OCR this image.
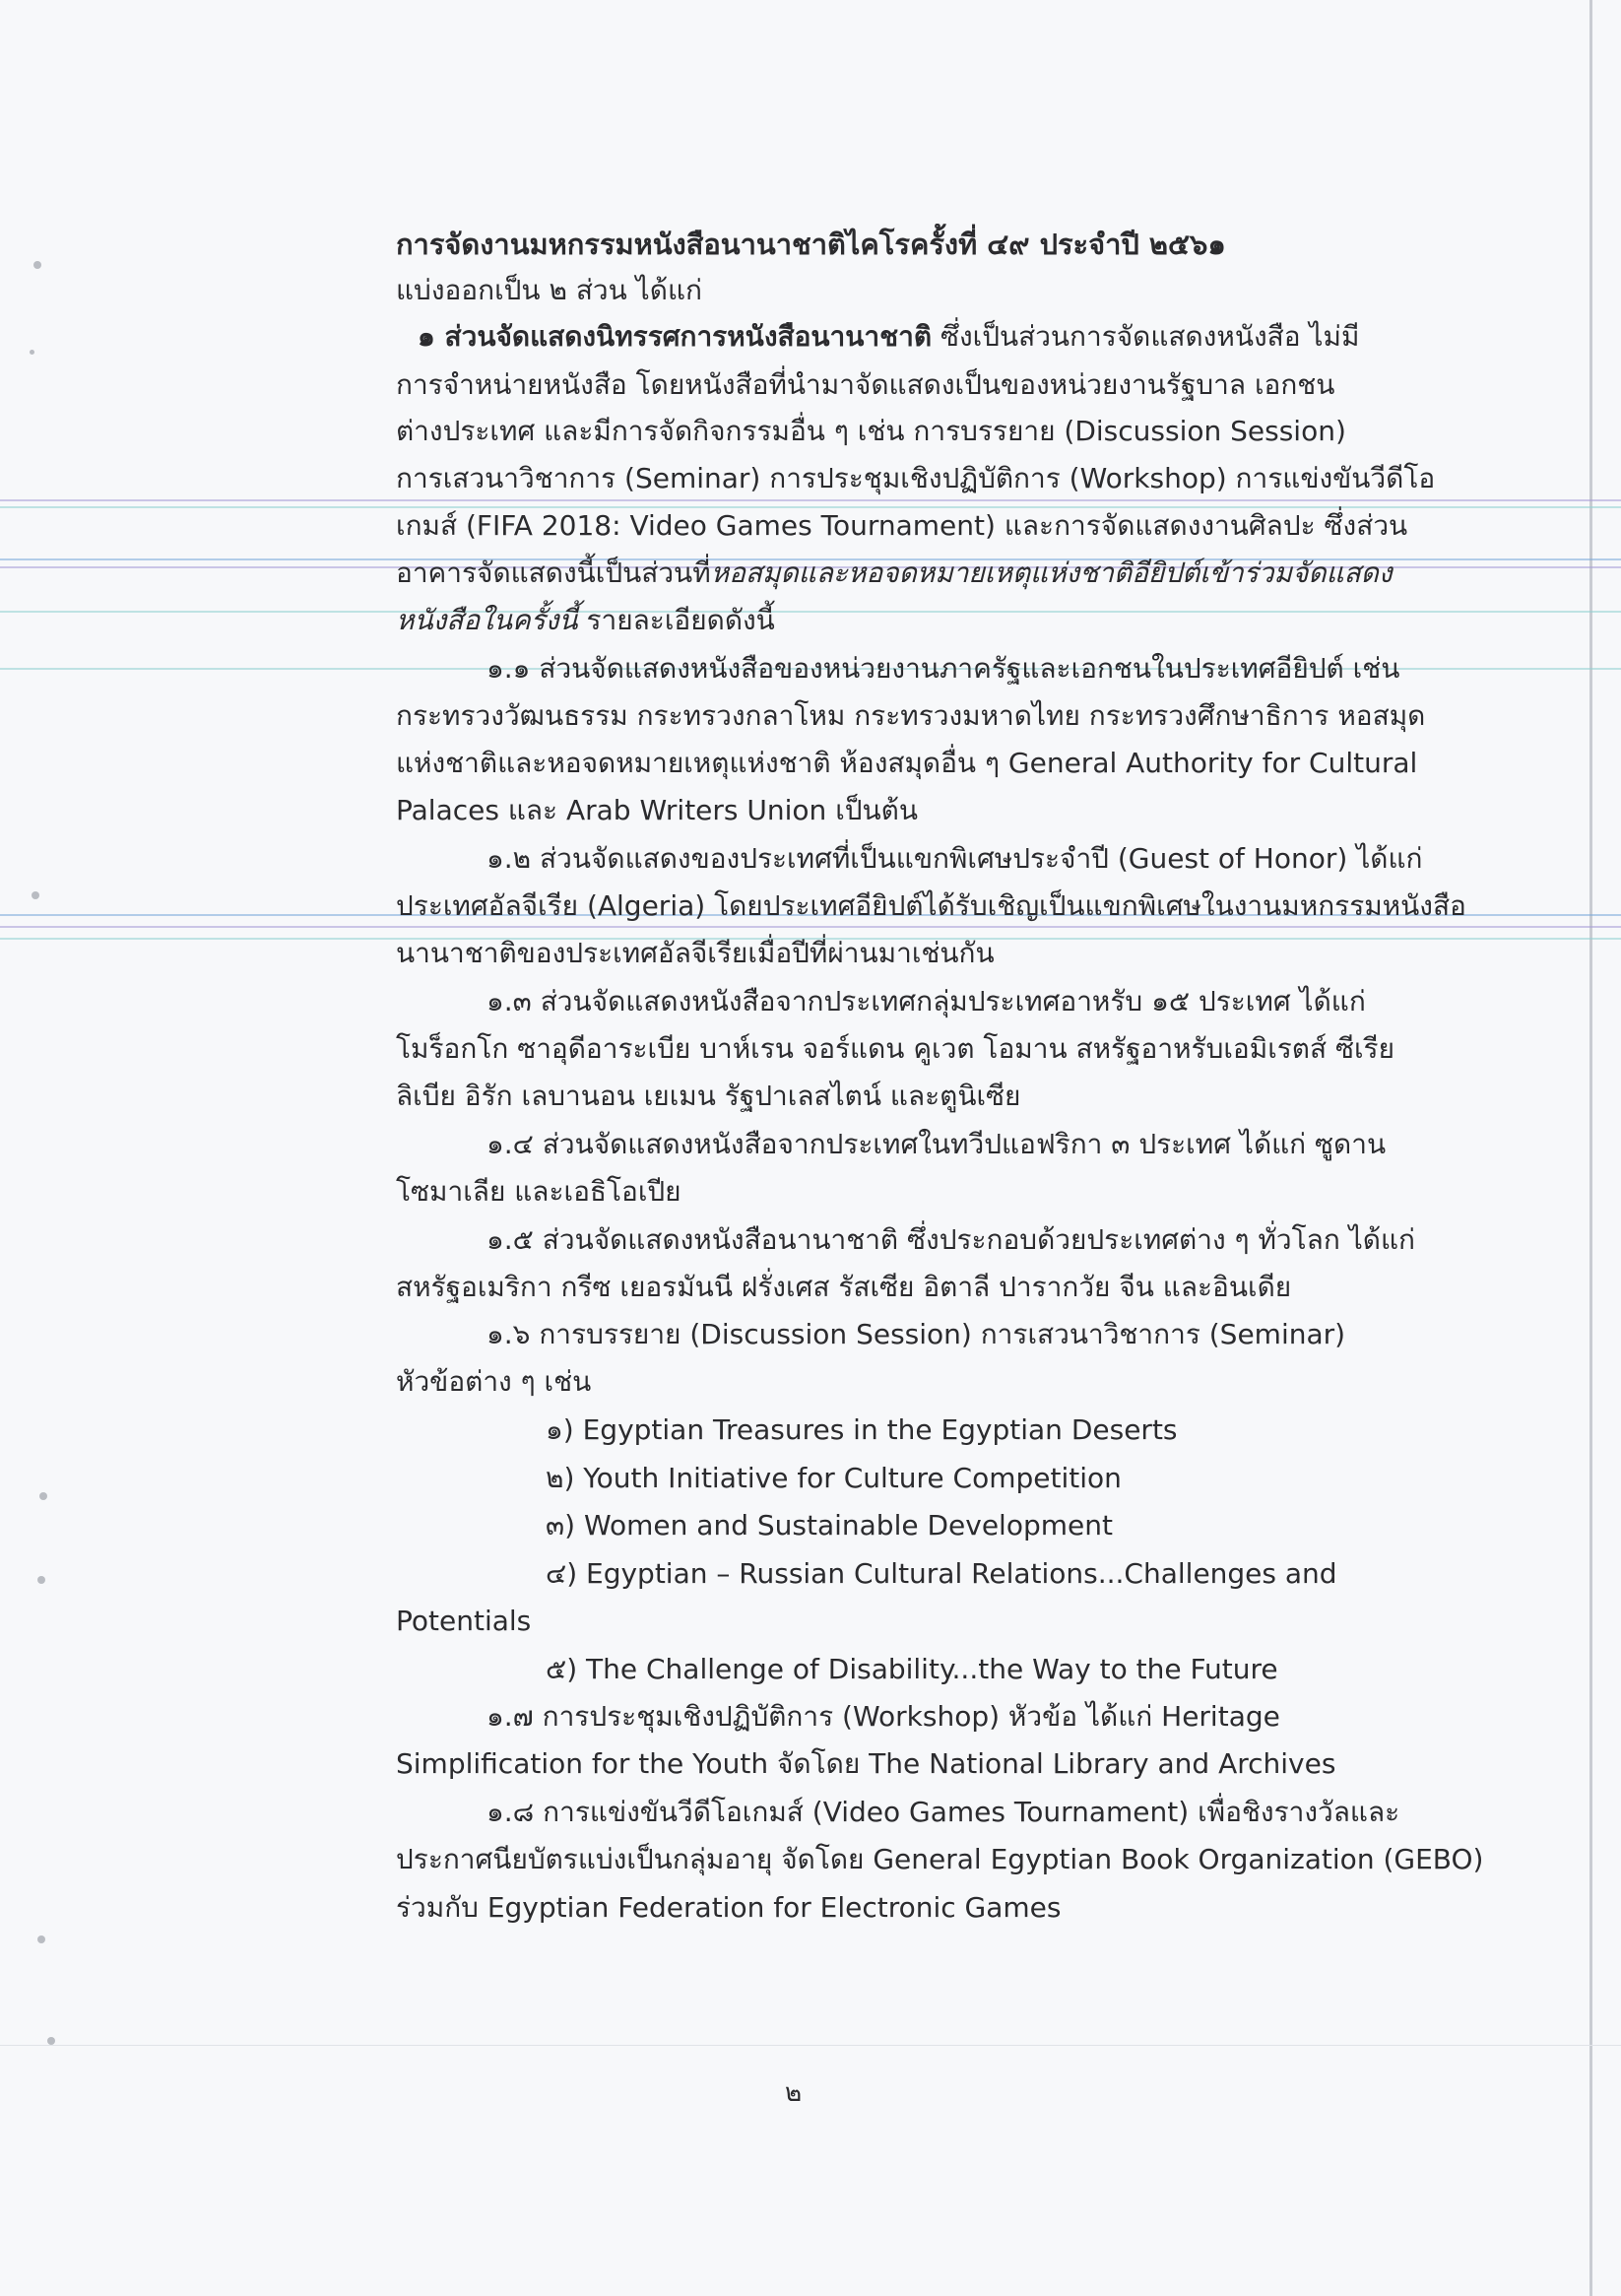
การจัดงานมหกรรมหนังสือนานาชาติไคโรครั้งที่ ๔๙ ประจำปี ๒๕๖๑
แบ่งออกเป็น ๒ ส่วน ได้แก่
๑ ส่วนจัดแสดงนิทรรศการหนังสือนานาชาติ ซึ่งเป็นส่วนการจัดแสดงหนังสือ ไม่มี
การจำหน่ายหนังสือ โดยหนังสือที่นำมาจัดแสดงเป็นของหน่วยงานรัฐบาล เอกชน
ต่างประเทศ และมีการจัดกิจกรรมอื่น ๆ เช่น การบรรยาย (Discussion Session)
การเสวนาวิชาการ (Seminar) การประชุมเชิงปฏิบัติการ (Workshop) การแข่งขันวีดีโอ
เกมส์ (FIFA 2018: Video Games Tournament) และการจัดแสดงงานศิลปะ ซึ่งส่วน
อาคารจัดแสดงนี้เป็นส่วนที่หอสมุดและหอจดหมายเหตุแห่งชาติอียิปต์เข้าร่วมจัดแสดง
หนังสือในครั้งนี้ รายละเอียดดังนี้
๑.๑ ส่วนจัดแสดงหนังสือของหน่วยงานภาครัฐและเอกชนในประเทศอียิปต์ เช่น
กระทรวงวัฒนธรรม กระทรวงกลาโหม กระทรวงมหาดไทย กระทรวงศึกษาธิการ หอสมุด
แห่งชาติและหอจดหมายเหตุแห่งชาติ ห้องสมุดอื่น ๆ General Authority for Cultural
Palaces และ Arab Writers Union เป็นต้น
๑.๒ ส่วนจัดแสดงของประเทศที่เป็นแขกพิเศษประจำปี (Guest of Honor) ได้แก่
ประเทศอัลจีเรีย (Algeria) โดยประเทศอียิปต์ได้รับเชิญเป็นแขกพิเศษในงานมหกรรมหนังสือ
นานาชาติของประเทศอัลจีเรียเมื่อปีที่ผ่านมาเช่นกัน
๑.๓ ส่วนจัดแสดงหนังสือจากประเทศกลุ่มประเทศอาหรับ ๑๕ ประเทศ ได้แก่
โมร็อกโก ซาอุดีอาระเบีย บาห์เรน จอร์แดน คูเวต โอมาน สหรัฐอาหรับเอมิเรตส์ ซีเรีย
ลิเบีย อิรัก เลบานอน เยเมน รัฐปาเลสไตน์ และตูนิเซีย
๑.๔ ส่วนจัดแสดงหนังสือจากประเทศในทวีปแอฟริกา ๓ ประเทศ ได้แก่ ซูดาน
โซมาเลีย และเอธิโอเปีย
๑.๕ ส่วนจัดแสดงหนังสือนานาชาติ ซึ่งประกอบด้วยประเทศต่าง ๆ ทั่วโลก ได้แก่
สหรัฐอเมริกา กรีซ เยอรมันนี ฝรั่งเศส รัสเซีย อิตาลี ปารากวัย จีน และอินเดีย
๑.๖ การบรรยาย (Discussion Session) การเสวนาวิชาการ (Seminar)
หัวข้อต่าง ๆ เช่น
๑) Egyptian Treasures in the Egyptian Deserts
๒) Youth Initiative for Culture Competition
๓) Women and Sustainable Development
๔) Egyptian – Russian Cultural Relations...Challenges and
Potentials
๕) The Challenge of Disability...the Way to the Future
๑.๗ การประชุมเชิงปฏิบัติการ (Workshop) หัวข้อ ได้แก่ Heritage
Simplification for the Youth จัดโดย The National Library and Archives
๑.๘ การแข่งขันวีดีโอเกมส์ (Video Games Tournament) เพื่อชิงรางวัลและ
ประกาศนียบัตรแบ่งเป็นกลุ่มอายุ จัดโดย General Egyptian Book Organization (GEBO)
ร่วมกับ Egyptian Federation for Electronic Games
๒
